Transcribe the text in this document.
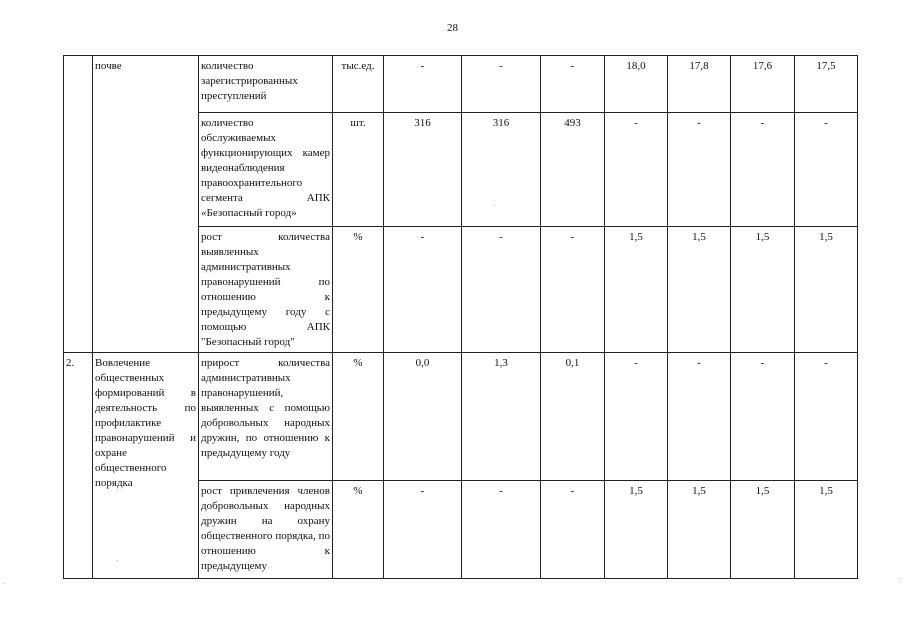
28
	почве	количество зарегистрированных преступлений	тыс.ед.	-	-	-	18,0	17,8	17,6	17,5
		количество обслуживаемых функционирующих камер видеонаблюдения правоохранительного сегмента АПК «Безопасный город»	шт.	316	316	493	-	-	-	-
		рост количества выявленных административных правонарушений по отношению к предыдущему году с помощью АПК "Безопасный город"	%	-	-	-	1,5	1,5	1,5	1,5
2.	Вовлечение общественных формирований в деятельность по профилактике правонарушений и охране общественного порядка	прирост количества административных правонарушений, выявленных с помощью добровольных народных дружин, по отношению к предыдущему году	%	0,0	1,3	0,1	-	-	-	-
		рост привлечения членов добровольных народных дружин на охрану общественного порядка, по отношению к предыдущему	%	-	-	-	1,5	1,5	1,5	1,5
